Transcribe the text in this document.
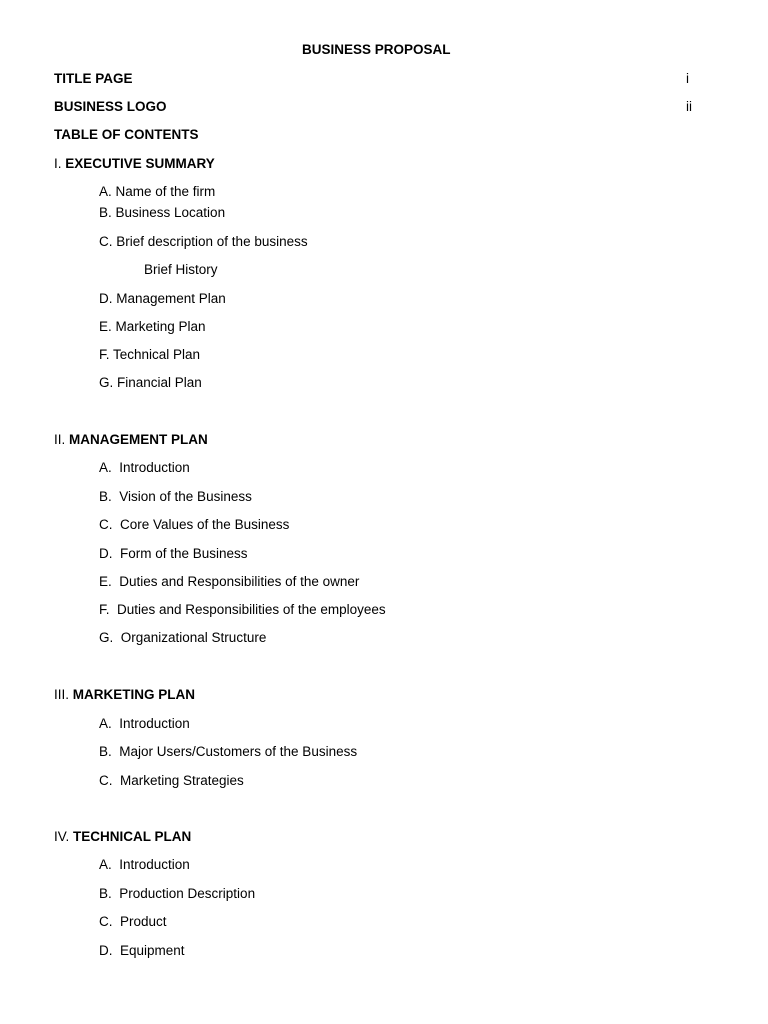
BUSINESS PROPOSAL
TITLE PAGE	i
BUSINESS LOGO	ii
TABLE OF CONTENTS
I. EXECUTIVE SUMMARY
A. Name of the firm
B. Business Location
C. Brief description of the business
Brief History
D. Management Plan
E. Marketing Plan
F. Technical Plan
G. Financial Plan
II. MANAGEMENT PLAN
A.  Introduction
B.  Vision of the Business
C.  Core Values of the Business
D.  Form of the Business
E.  Duties and Responsibilities of the owner
F.  Duties and Responsibilities of the employees
G.  Organizational Structure
III. MARKETING PLAN
A.  Introduction
B.  Major Users/Customers of the Business
C.  Marketing Strategies
IV. TECHNICAL PLAN
A.  Introduction
B.  Production Description
C.  Product
D.  Equipment
